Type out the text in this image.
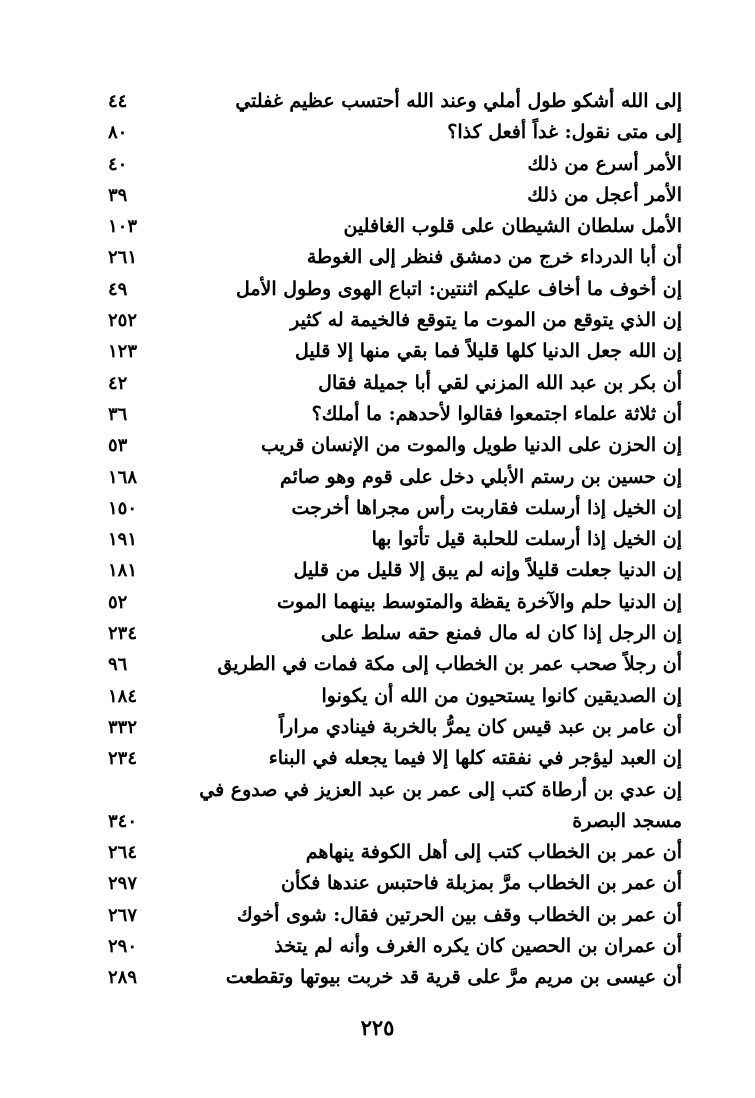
إلى الله أشكو طول أملي وعند الله أحتسب عظيم غفلتي
٤٤
إلى متى نقول: غداً أفعل كذا؟
٨٠
الأمر أسرع من ذلك
٤٠
الأمر أعجل من ذلك
٣٩
الأمل سلطان الشيطان على قلوب الغافلين
١٠٣
أن أبا الدرداء خرج من دمشق فنظر إلى الغوطة
٢٦١
إن أخوف ما أخاف عليكم اثنتين: اتباع الهوى وطول الأمل
٤٩
إن الذي يتوقع من الموت ما يتوقع فالخيمة له كثير
٢٥٢
إن الله جعل الدنيا كلها قليلاً فما بقي منها إلا قليل
١٢٣
أن بكر بن عبد الله المزني لقي أبا جميلة فقال
٤٢
أن ثلاثة علماء اجتمعوا فقالوا لأحدهم: ما أملك؟
٣٦
إن الحزن على الدنيا طويل والموت من الإنسان قريب
٥٣
إن حسين بن رستم الأبلي دخل على قوم وهو صائم
١٦٨
إن الخيل إذا أرسلت فقاربت رأس مجراها أخرجت
١٥٠
إن الخيل إذا أرسلت للحلبة قيل تأتوا بها
١٩١
إن الدنيا جعلت قليلاً وإنه لم يبق إلا قليل من قليل
١٨١
إن الدنيا حلم والآخرة يقظة والمتوسط بينهما الموت
٥٢
إن الرجل إذا كان له مال فمنع حقه سلط على
٢٣٤
أن رجلاً صحب عمر بن الخطاب إلى مكة فمات في الطريق
٩٦
إن الصديقين كانوا يستحيون من الله أن يكونوا
١٨٤
أن عامر بن عبد قيس كان يمرُّ بالخربة فينادي مراراً
٣٣٢
إن العبد ليؤجر في نفقته كلها إلا فيما يجعله في البناء
٢٣٤
إن عدي بن أرطاة كتب إلى عمر بن عبد العزيز في صدوع في مسجد البصرة
٣٤٠
أن عمر بن الخطاب كتب إلى أهل الكوفة ينهاهم
٢٦٤
أن عمر بن الخطاب مرَّ بمزبلة فاحتبس عندها فكأن
٢٩٧
أن عمر بن الخطاب وقف بين الحرتين فقال: شوى أخوك
٢٦٧
أن عمران بن الحصين كان يكره الغرف وأنه لم يتخذ
٢٩٠
أن عيسى بن مريم مرَّ على قرية قد خربت بيوتها وتقطعت
٢٨٩
٢٢٥
